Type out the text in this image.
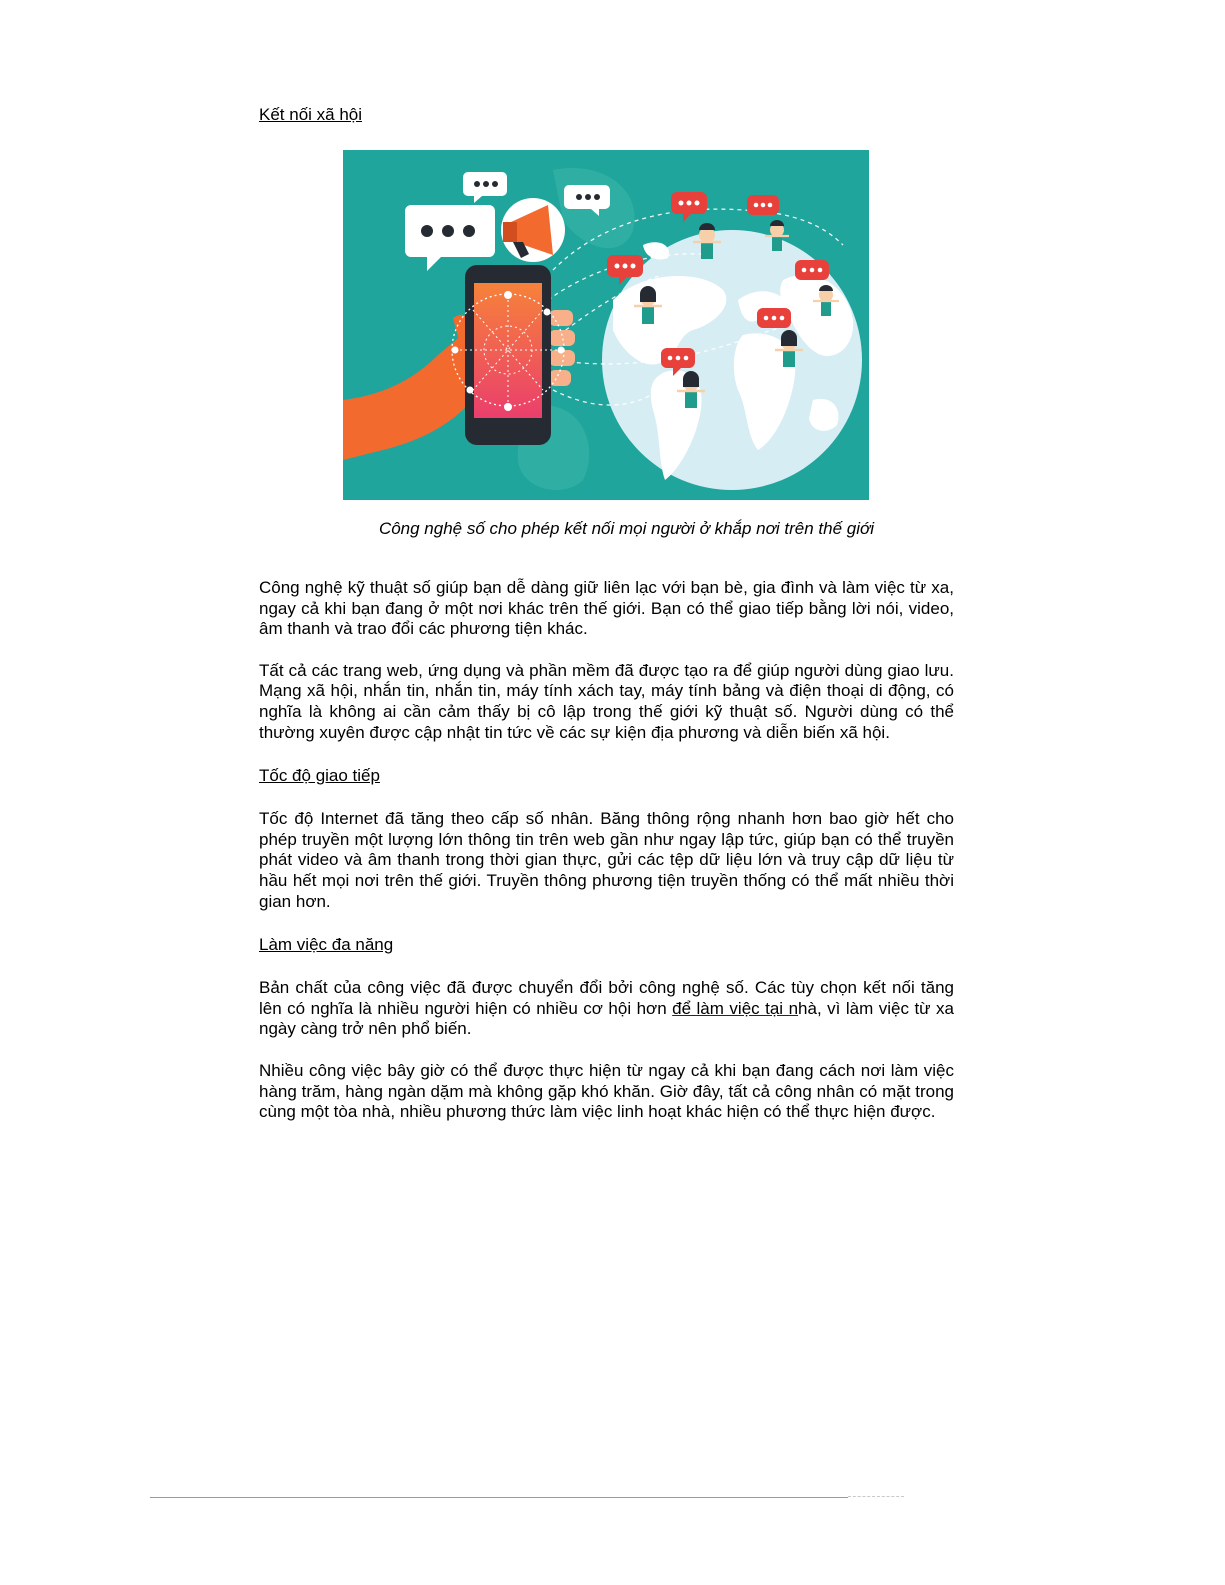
Kết nối xã hội

Công nghệ số cho phép kết nối mọi người ở khắp nơi trên thế giới

Công nghệ kỹ thuật số giúp bạn dễ dàng giữ liên lạc với bạn bè, gia đình và làm việc từ xa, ngay cả khi bạn đang ở một nơi khác trên thế giới. Bạn có thể giao tiếp bằng lời nói, video, âm thanh và trao đổi các phương tiện khác.

Tất cả các trang web, ứng dụng và phần mềm đã được tạo ra để giúp người dùng giao lưu. Mạng xã hội, nhắn tin, nhắn tin, máy tính xách tay, máy tính bảng và điện thoại di động, có nghĩa là không ai cần cảm thấy bị cô lập trong thế giới kỹ thuật số. Người dùng có thể thường xuyên được cập nhật tin tức về các sự kiện địa phương và diễn biến xã hội.

Tốc độ giao tiếp

Tốc độ Internet đã tăng theo cấp số nhân. Băng thông rộng nhanh hơn bao giờ hết cho phép truyền một lượng lớn thông tin trên web gần như ngay lập tức, giúp bạn có thể truyền phát video và âm thanh trong thời gian thực, gửi các tệp dữ liệu lớn và truy cập dữ liệu từ hầu hết mọi nơi trên thế giới. Truyền thông phương tiện truyền thống có thể mất nhiều thời gian hơn.

Làm việc đa năng

Bản chất của công việc đã được chuyển đổi bởi công nghệ số. Các tùy chọn kết nối tăng lên có nghĩa là nhiều người hiện có nhiều cơ hội hơn để làm việc tại nhà, vì làm việc từ xa ngày càng trở nên phổ biến.

Nhiều công việc bây giờ có thể được thực hiện từ ngay cả khi bạn đang cách nơi làm việc hàng trăm, hàng ngàn dặm mà không gặp khó khăn. Giờ đây, tất cả công nhân có mặt trong cùng một tòa nhà, nhiều phương thức làm việc linh hoạt khác hiện có thể thực hiện được.
